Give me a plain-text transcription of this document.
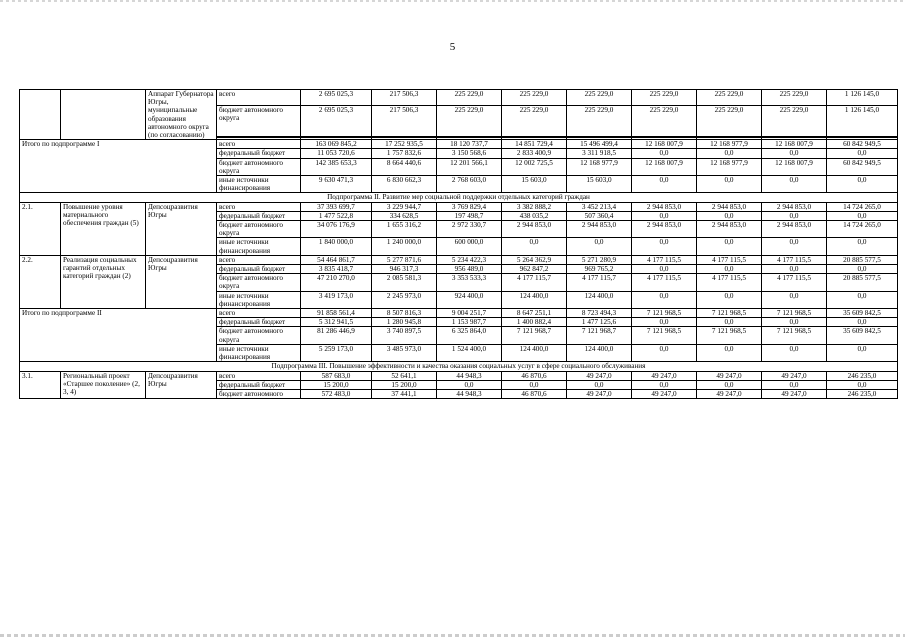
5
		Аппарат Губернатора Югры, муниципальные образования автономного округа (по согласованию)	всего	2 695 025,3	217 506,3	225 229,0	225 229,0	225 229,0	225 229,0	225 229,0	225 229,0	1 126 145,0
			бюджет автономного округа	2 695 025,3	217 506,3	225 229,0	225 229,0	225 229,0	225 229,0	225 229,0	225 229,0	1 126 145,0

Итого по подпрограмме I			всего	163 069 845,2	17 252 935,5	18 120 737,7	14 851 729,4	15 496 499,4	12 168 007,9	12 168 977,9	12 168 007,9	60 842 949,5
			федеральный бюджет	11 053 720,6	1 757 832,6	3 150 568,6	2 833 400,9	3 311 918,5	0,0	0,0	0,0	0,0
			бюджет автономного округа	142 385 653,3	8 664 440,6	12 201 566,1	12 002 725,5	12 168 977,9	12 168 007,9	12 168 977,9	12 168 007,9	60 842 949,5
			иные источники финансирования	9 630 471,3	6 830 662,3	2 768 603,0	15 603,0	15 603,0	0,0	0,0	0,0	0,0
Подпрограмма II. Развитие мер социальной поддержки отдельных категорий граждан												
2.1.	Повышение уровня материального обеспечения граждан (5)	Депсоцразвития Югры	всего	37 393 699,7	3 229 944,7	3 769 829,4	3 382 888,2	3 452 213,4	2 944 853,0	2 944 853,0	2 944 853,0	14 724 265,0
			федеральный бюджет	1 477 522,8	334 628,5	197 498,7	438 035,2	507 360,4	0,0	0,0	0,0	0,0
			бюджет автономного округа	34 076 176,9	1 655 316,2	2 972 330,7	2 944 853,0	2 944 853,0	2 944 853,0	2 944 853,0	2 944 853,0	14 724 265,0
			иные источники финансирования	1 840 000,0	1 240 000,0	600 000,0	0,0	0,0	0,0	0,0	0,0	0,0
2.2.	Реализация социальных гарантий отдельных категорий граждан (2)	Депсоцразвития Югры	всего	54 464 861,7	5 277 871,6	5 234 422,3	5 264 362,9	5 271 280,9	4 177 115,5	4 177 115,5	4 177 115,5	20 885 577,5
			федеральный бюджет	3 835 418,7	946 317,3	956 489,0	962 847,2	969 765,2	0,0	0,0	0,0	0,0
			бюджет автономного округа	47 210 270,0	2 085 581,3	3 353 533,3	4 177 115,7	4 177 115,7	4 177 115,5	4 177 115,5	4 177 115,5	20 885 577,5
			иные источники финансирования	3 419 173,0	2 245 973,0	924 400,0	124 400,0	124 400,0	0,0	0,0	0,0	0,0
Итого по подпрограмме II			всего	91 858 561,4	8 507 816,3	9 004 251,7	8 647 251,1	8 723 494,3	7 121 968,5	7 121 968,5	7 121 968,5	35 609 842,5
			федеральный бюджет	5 312 941,5	1 280 945,8	1 153 987,7	1 400 882,4	1 477 125,6	0,0	0,0	0,0	0,0
			бюджет автономного округа	81 286 446,9	3 740 897,5	6 325 864,0	7 121 968,7	7 121 968,7	7 121 968,5	7 121 968,5	7 121 968,5	35 609 842,5
			иные источники финансирования	5 259 173,0	3 485 973,0	1 524 400,0	124 400,0	124 400,0	0,0	0,0	0,0	0,0
Подпрограмма III. Повышение эффективности и качества оказания социальных услуг в сфере социального обслуживания												
3.1.	Региональный проект «Старшее поколение» (2, 3, 4)	Депсоцразвития Югры	всего	587 683,0	52 641,1	44 948,3	46 870,6	49 247,0	49 247,0	49 247,0	49 247,0	246 235,0
			федеральный бюджет	15 200,0	15 200,0	0,0	0,0	0,0	0,0	0,0	0,0	0,0
			бюджет автономного	572 483,0	37 441,1	44 948,3	46 870,6	49 247,0	49 247,0	49 247,0	49 247,0	246 235,0
